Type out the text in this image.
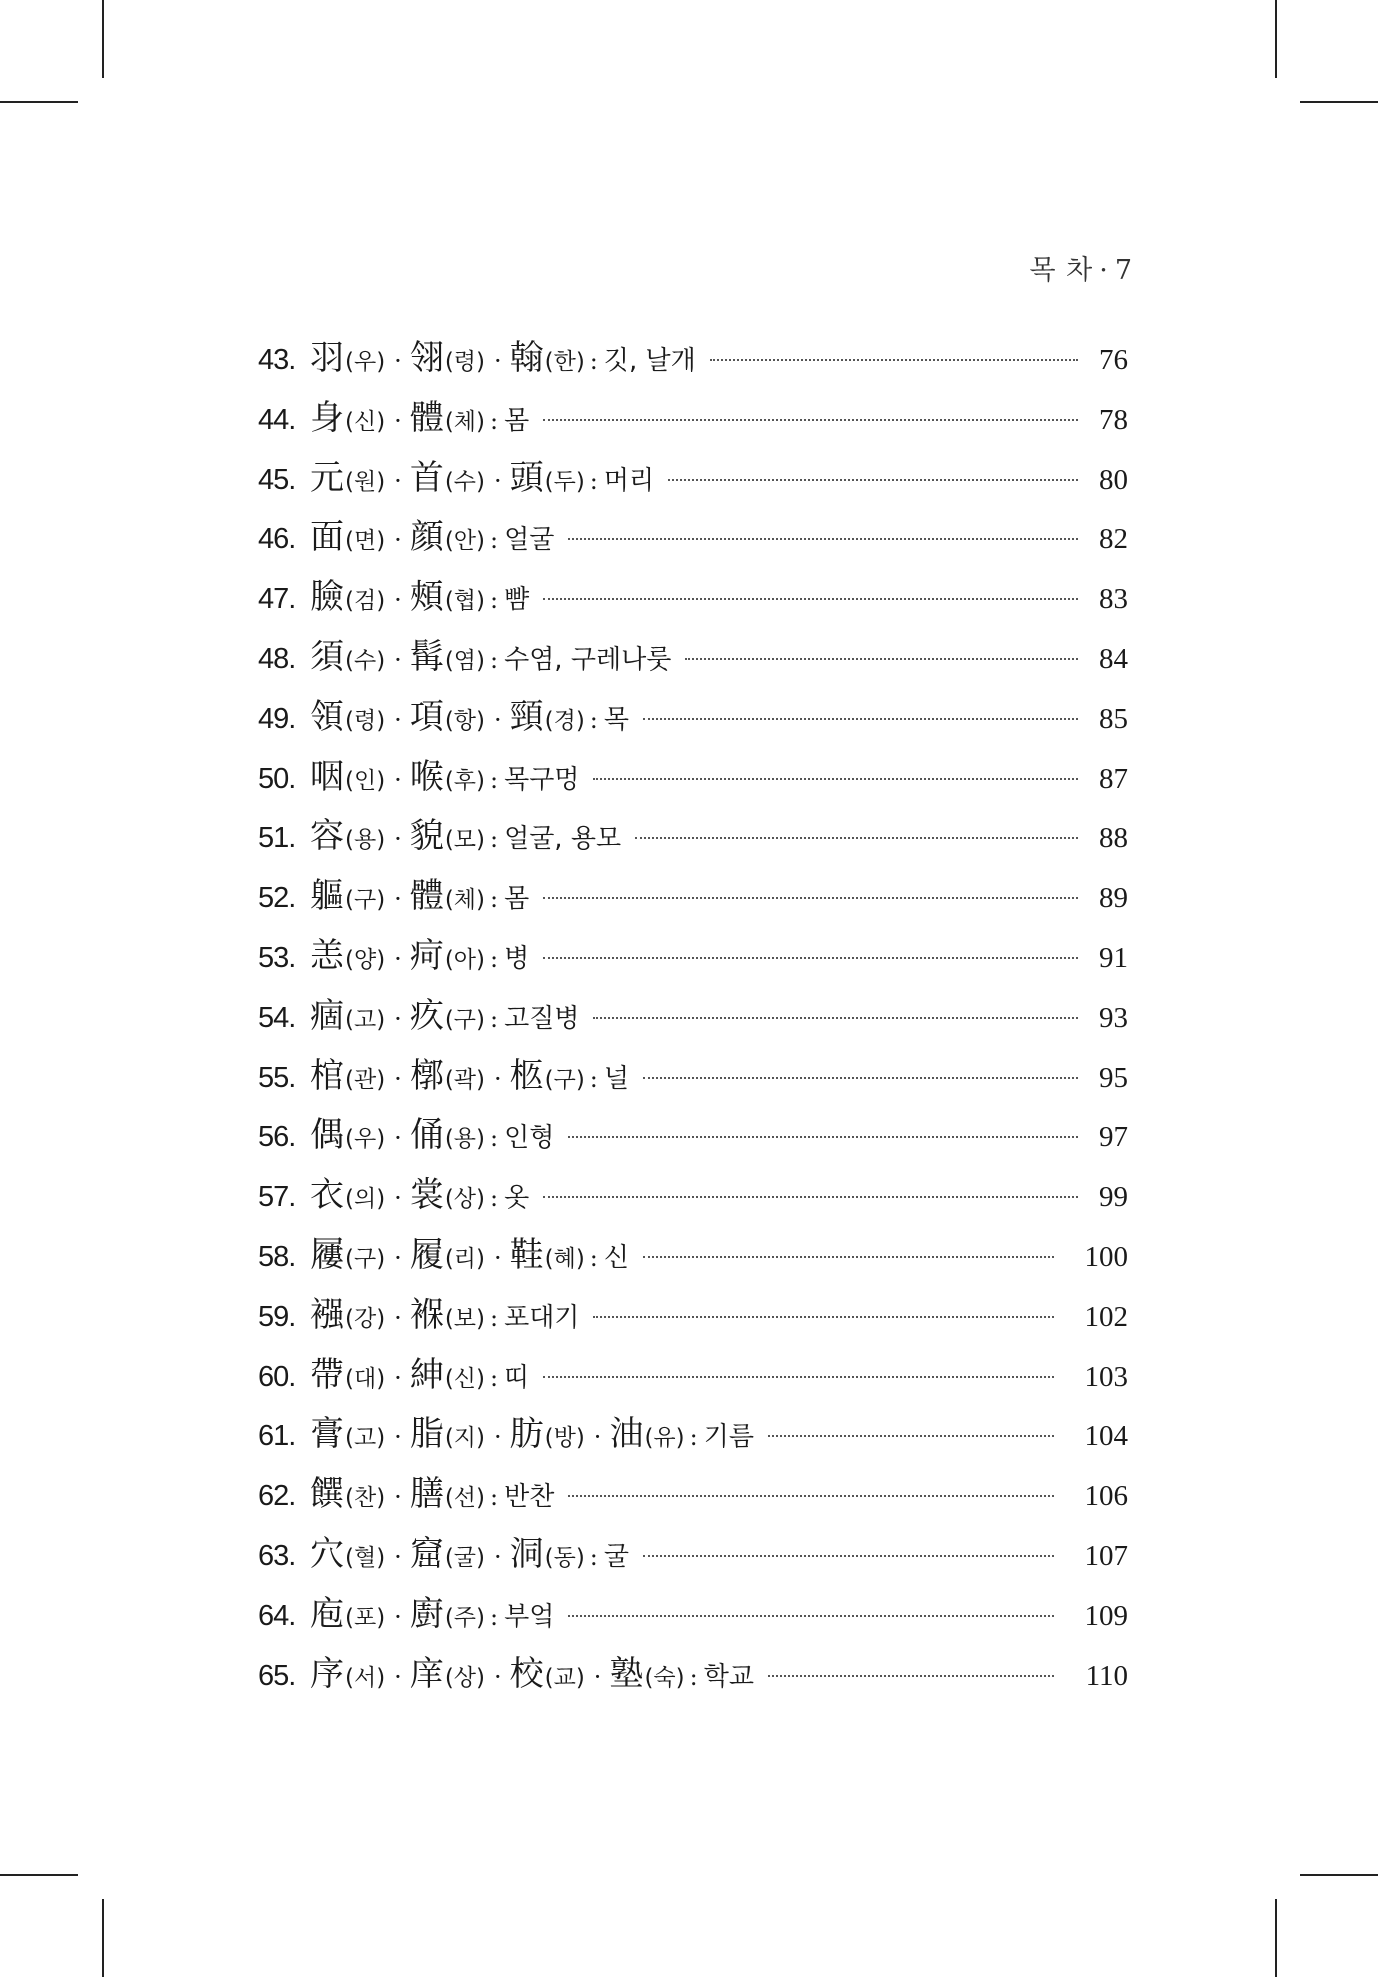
목 차 · 7
43. 羽 (우) · 翎 (령) · 翰 (한) : 깃, 날개	76
44. 身 (신) · 體 (체) : 몸	78
45. 元 (원) · 首 (수) · 頭 (두) : 머리	80
46. 面 (면) · 顔 (안) : 얼굴	82
47. 臉 (검) · 頰 (협) : 뺨	83
48. 須 (수) · 髯 (염) : 수염, 구레나룻	84
49. 領 (령) · 項 (항) · 頸 (경) : 목	85
50. 咽 (인) · 喉 (후) : 목구멍	87
51. 容 (용) · 貌 (모) : 얼굴, 용모	88
52. 軀 (구) · 體 (체) : 몸	89
53. 恙 (양) · 疴 (아) : 병	91
54. 痼 (고) · 疚 (구) : 고질병	93
55. 棺 (관) · 槨 (곽) · 柩 (구) : 널	95
56. 偶 (우) · 俑 (용) : 인형	97
57. 衣 (의) · 裳 (상) : 옷	99
58. 屨 (구) · 履 (리) · 鞋 (혜) : 신	100
59. 襁 (강) · 褓 (보) : 포대기	102
60. 帶 (대) · 紳 (신) : 띠	103
61. 膏 (고) · 脂 (지) · 肪 (방) · 油 (유) : 기름	104
62. 饌 (찬) · 膳 (선) : 반찬	106
63. 穴 (혈) · 窟 (굴) · 洞 (동) : 굴	107
64. 庖 (포) · 廚 (주) : 부엌	109
65. 序 (서) · 庠 (상) · 校 (교) · 塾 (숙) : 학교	110
